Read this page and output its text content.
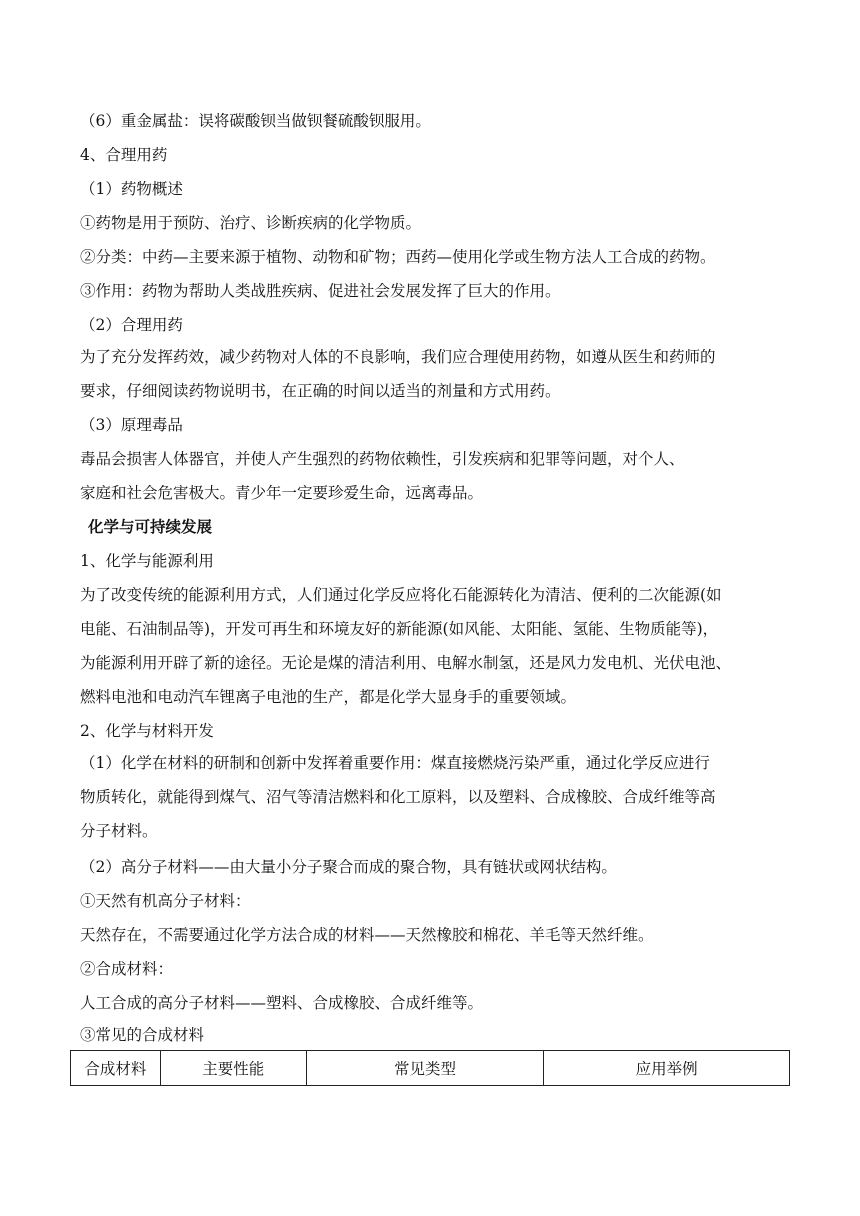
（6）重金属盐：误将碳酸钡当做钡餐硫酸钡服用。
4、合理用药
（1）药物概述
①药物是用于预防、治疗、诊断疾病的化学物质。
②分类：中药—主要来源于植物、动物和矿物；西药—使用化学或生物方法人工合成的药物。
③作用：药物为帮助人类战胜疾病、促进社会发展发挥了巨大的作用。
（2）合理用药
为了充分发挥药效，减少药物对人体的不良影响，我们应合理使用药物，如遵从医生和药师的
要求，仔细阅读药物说明书，在正确的时间以适当的剂量和方式用药。
（3）原理毒品
毒品会损害人体器官，并使人产生强烈的药物依赖性，引发疾病和犯罪等问题，对个人、
家庭和社会危害极大。青少年一定要珍爱生命，远离毒品。
化学与可持续发展
1、化学与能源利用
为了改变传统的能源利用方式，人们通过化学反应将化石能源转化为清洁、便利的二次能源(如
电能、石油制品等)，开发可再生和环境友好的新能源(如风能、太阳能、氢能、生物质能等)，
为能源利用开辟了新的途径。无论是煤的清洁利用、电解水制氢，还是风力发电机、光伏电池、
燃料电池和电动汽车锂离子电池的生产，都是化学大显身手的重要领域。
2、化学与材料开发
（1）化学在材料的研制和创新中发挥着重要作用：煤直接燃烧污染严重，通过化学反应进行
物质转化，就能得到煤气、沼气等清洁燃料和化工原料，以及塑料、合成橡胶、合成纤维等高
分子材料。
（2）高分子材料——由大量小分子聚合而成的聚合物，具有链状或网状结构。
①天然有机高分子材料：
天然存在，不需要通过化学方法合成的材料——天然橡胶和棉花、羊毛等天然纤维。
②合成材料：
人工合成的高分子材料——塑料、合成橡胶、合成纤维等。
③常见的合成材料
合成材料	主要性能	常见类型	应用举例
